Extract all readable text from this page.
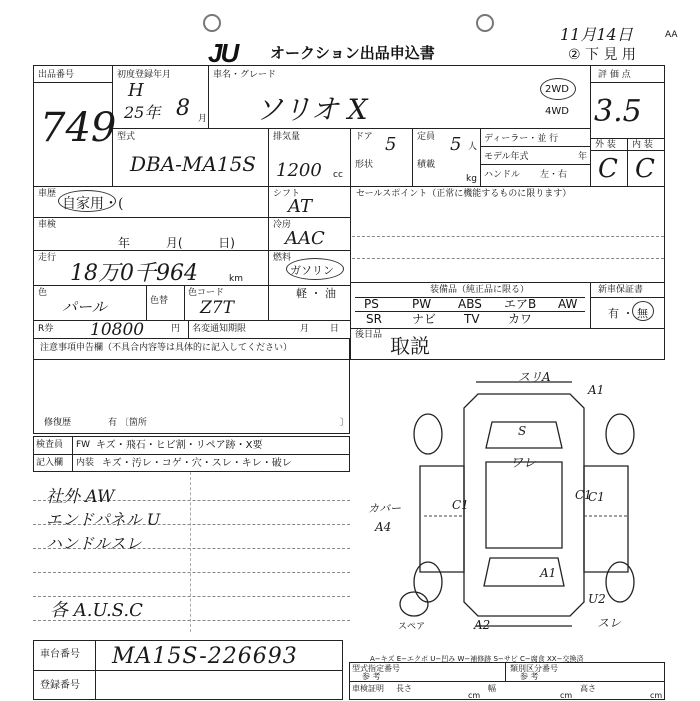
JU オークション出品申込書
11月14日	AA
② 下 見 用
出品番号
749
初度登録年月
H
25年 8 月
車名・グレード
ソリオ X
2WD
4WD
評 価 点
3.5
外 装 内 装
C C
型式
DBA-MA15S
排気量
1200 cc
ドア 5
形状
定員 5 人
積載
kg
ディーラー・並 行
モデル年式	年
ハンドル 左・右
車歴
自家用・(
シフト
AT
車検
年 月( 日)
冷房
AAC
走行
18万0千964	km
燃料
ガソリン
軽 ・ 油
色
パール	色替
色コード
Z7T
R券 10800	円 名変通知期限	月 日
注意事項申告欄（不具合内容等は具体的に記入してください）
修復歴	有 〔箇所	〕
セールスポイント（正常に機能するものに限ります）
装備品（純正品に限る）	新車保証書
有 ・ 無
PS	PW ABS エアB AW
SR	ナビ TV カワ
後日品 取説
検査員
記入欄
FW キズ・飛石・ヒビ割・リペア跡・X要
内装 キズ・汚レ・コゲ・穴・スレ・キレ・破レ
社外 AW
エンドパネル U
ハンドルスレ
各 A.U.S.C
スリA
A1
S
ワレ
C1
C1
C1
A1
カバー
A4
U2
スレ
A2
スペア
A−キズ E−エクボ U−凹み W−補修跡 S−サビ C−腐食 XX−交換済
車台番号 MA15S-226693
登録番号
型式指定番号
参 考
類別区分番号
参 考
車検証明 長さ
cm
幅
cm
高さ
cm
